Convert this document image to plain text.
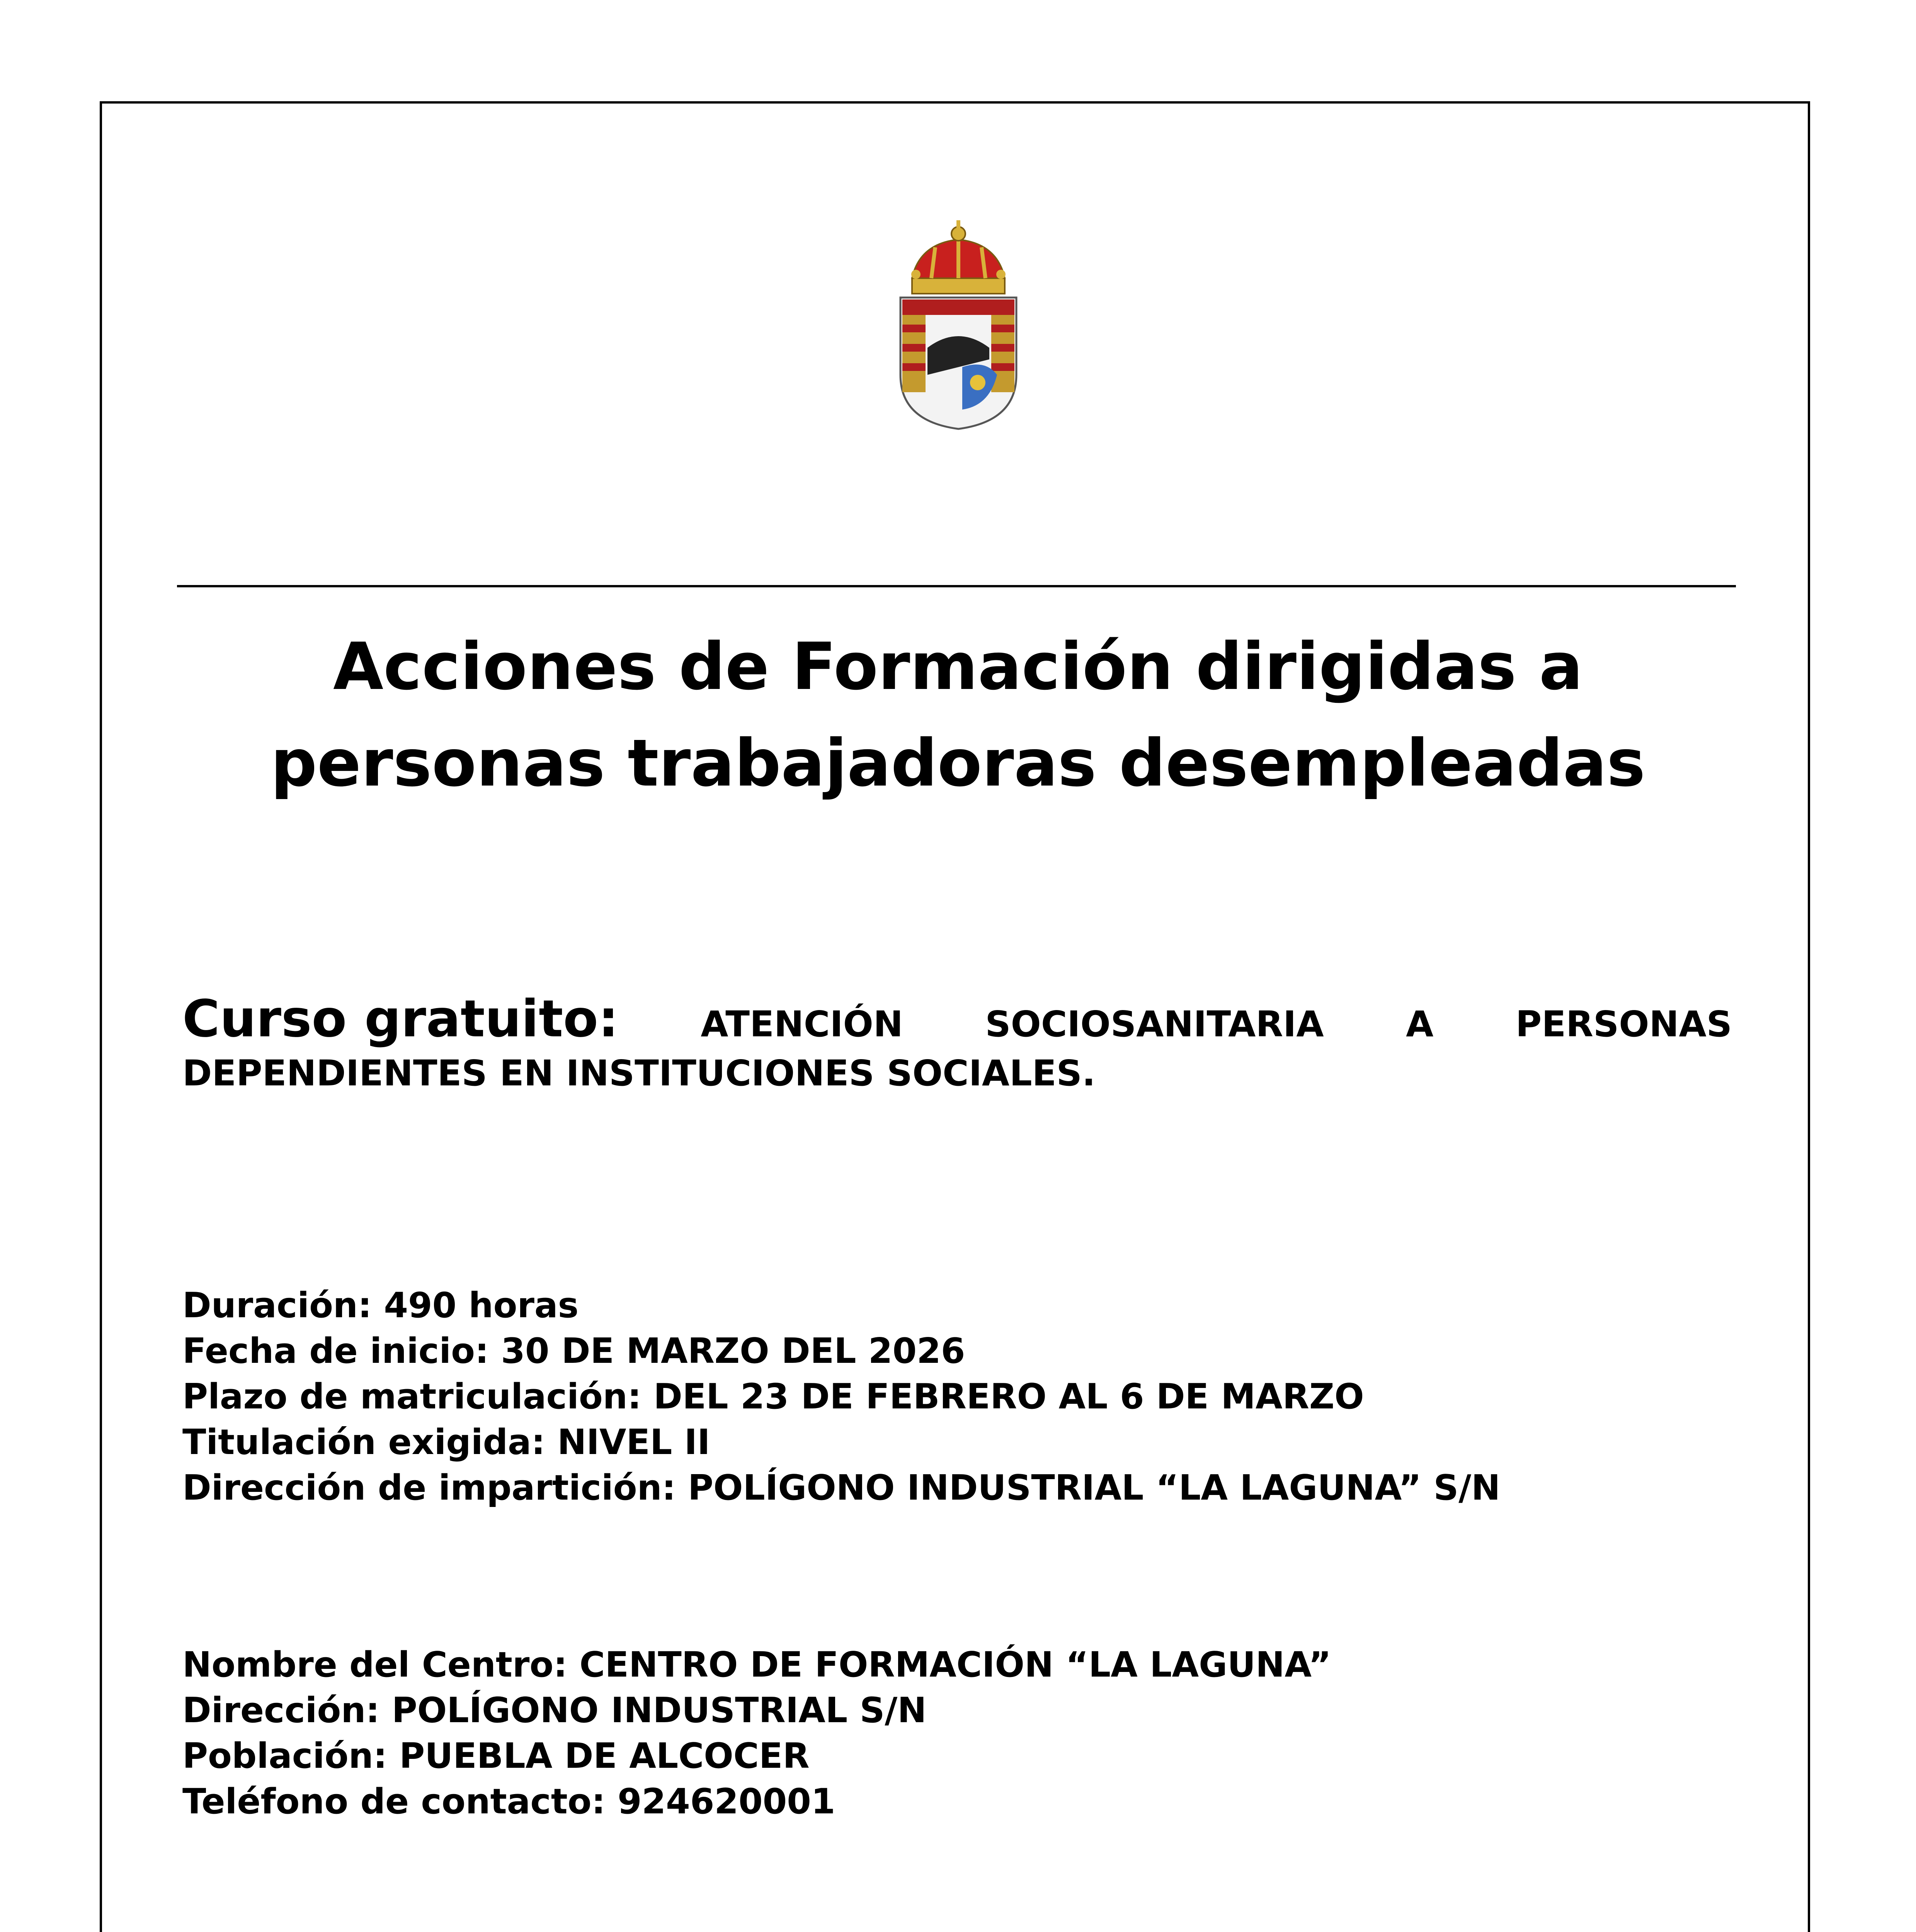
Acciones de Formación dirigidas a
personas trabajadoras desempleadas
Curso gratuito: ATENCIÓN SOCIOSANITARIA A PERSONAS
DEPENDIENTES EN INSTITUCIONES SOCIALES.
Duración: 490 horas
Fecha de inicio: 30 DE MARZO DEL 2026
Plazo de matriculación: DEL 23 DE FEBRERO AL 6 DE MARZO
Titulación exigida: NIVEL II
Dirección de impartición: POLÍGONO INDUSTRIAL “LA LAGUNA” S/N
Nombre del Centro: CENTRO DE FORMACIÓN “LA LAGUNA”
Dirección: POLÍGONO INDUSTRIAL S/N
Población: PUEBLA DE ALCOCER
Teléfono de contacto: 924620001
